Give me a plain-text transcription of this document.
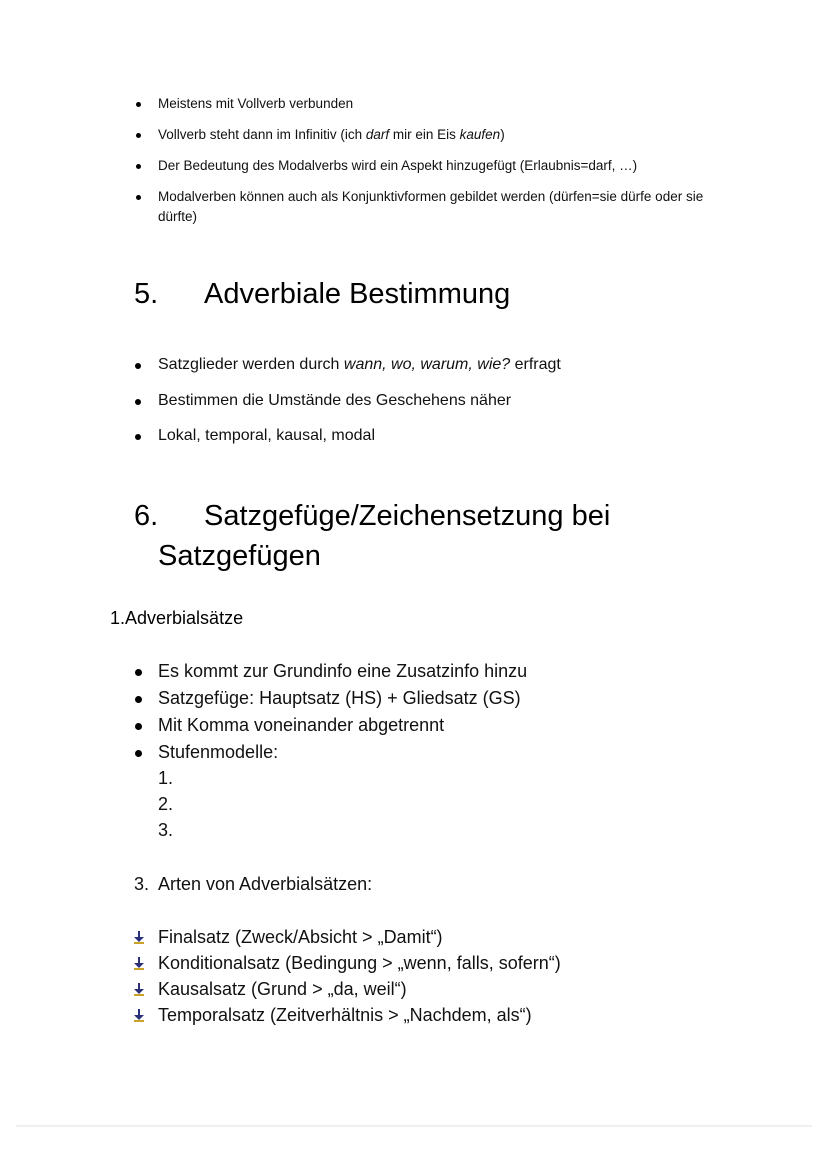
Meistens mit Vollverb verbunden
Vollverb steht dann im Infinitiv (ich darf mir ein Eis kaufen)
Der Bedeutung des Modalverbs wird ein Aspekt hinzugefügt (Erlaubnis=darf, …)
Modalverben können auch als Konjunktivformen gebildet werden (dürfen=sie dürfe oder sie dürfte)
5. Adverbiale Bestimmung
Satzglieder werden durch wann, wo, warum, wie? erfragt
Bestimmen die Umstände des Geschehens näher
Lokal, temporal, kausal, modal
6. Satzgefüge/Zeichensetzung bei
Satzgefügen
1.Adverbialsätze
Es kommt zur Grundinfo eine Zusatzinfo hinzu
Satzgefüge: Hauptsatz (HS) + Gliedsatz (GS)
Mit Komma voneinander abgetrennt
Stufenmodelle:
1.
2.
3.
3. Arten von Adverbialsätzen:
Finalsatz (Zweck/Absicht > „Damit“)
Konditionalsatz (Bedingung > „wenn, falls, sofern“)
Kausalsatz (Grund > „da, weil“)
Temporalsatz (Zeitverhältnis > „Nachdem, als“)
